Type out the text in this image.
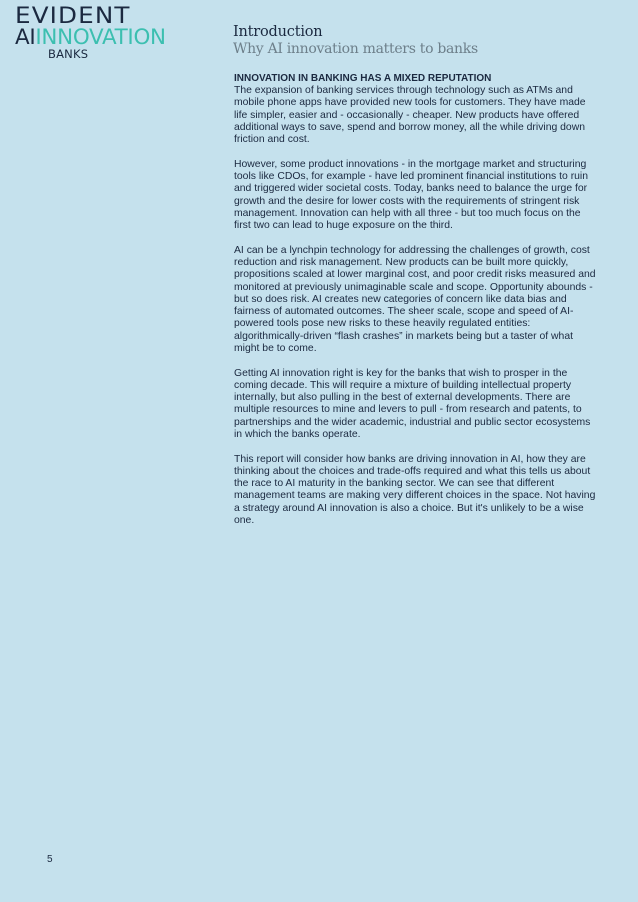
EVIDENT
AIINNOVATION
BANKS
Introduction
Why AI innovation matters to banks

INNOVATION IN BANKING HAS A MIXED REPUTATION

The expansion of banking services through technology such as ATMs and mobile phone apps have provided new tools for customers. They have made life simpler, easier and - occasionally - cheaper. New products have offered additional ways to save, spend and borrow money, all the while driving down friction and cost.

However, some product innovations - in the mortgage market and structuring tools like CDOs, for example - have led prominent financial institutions to ruin and triggered wider societal costs. Today, banks need to balance the urge for growth and the desire for lower costs with the requirements of stringent risk management. Innovation can help with all three - but too much focus on the first two can lead to huge exposure on the third.

AI can be a lynchpin technology for addressing the challenges of growth, cost reduction and risk management. New products can be built more quickly, propositions scaled at lower marginal cost, and poor credit risks measured and monitored at previously unimaginable scale and scope. Opportunity abounds - but so does risk. AI creates new categories of concern like data bias and fairness of automated outcomes. The sheer scale, scope and speed of AI-powered tools pose new risks to these heavily regulated entities: algorithmically-driven “flash crashes” in markets being but a taster of what might be to come.

Getting AI innovation right is key for the banks that wish to prosper in the coming decade. This will require a mixture of building intellectual property internally, but also pulling in the best of external developments. There are multiple resources to mine and levers to pull - from research and patents, to partnerships and the wider academic, industrial and public sector ecosystems in which the banks operate.

This report will consider how banks are driving innovation in AI, how they are thinking about the choices and trade-offs required and what this tells us about the race to AI maturity in the banking sector. We can see that different management teams are making very different choices in the space. Not having a strategy around AI innovation is also a choice. But it's unlikely to be a wise one.

5
